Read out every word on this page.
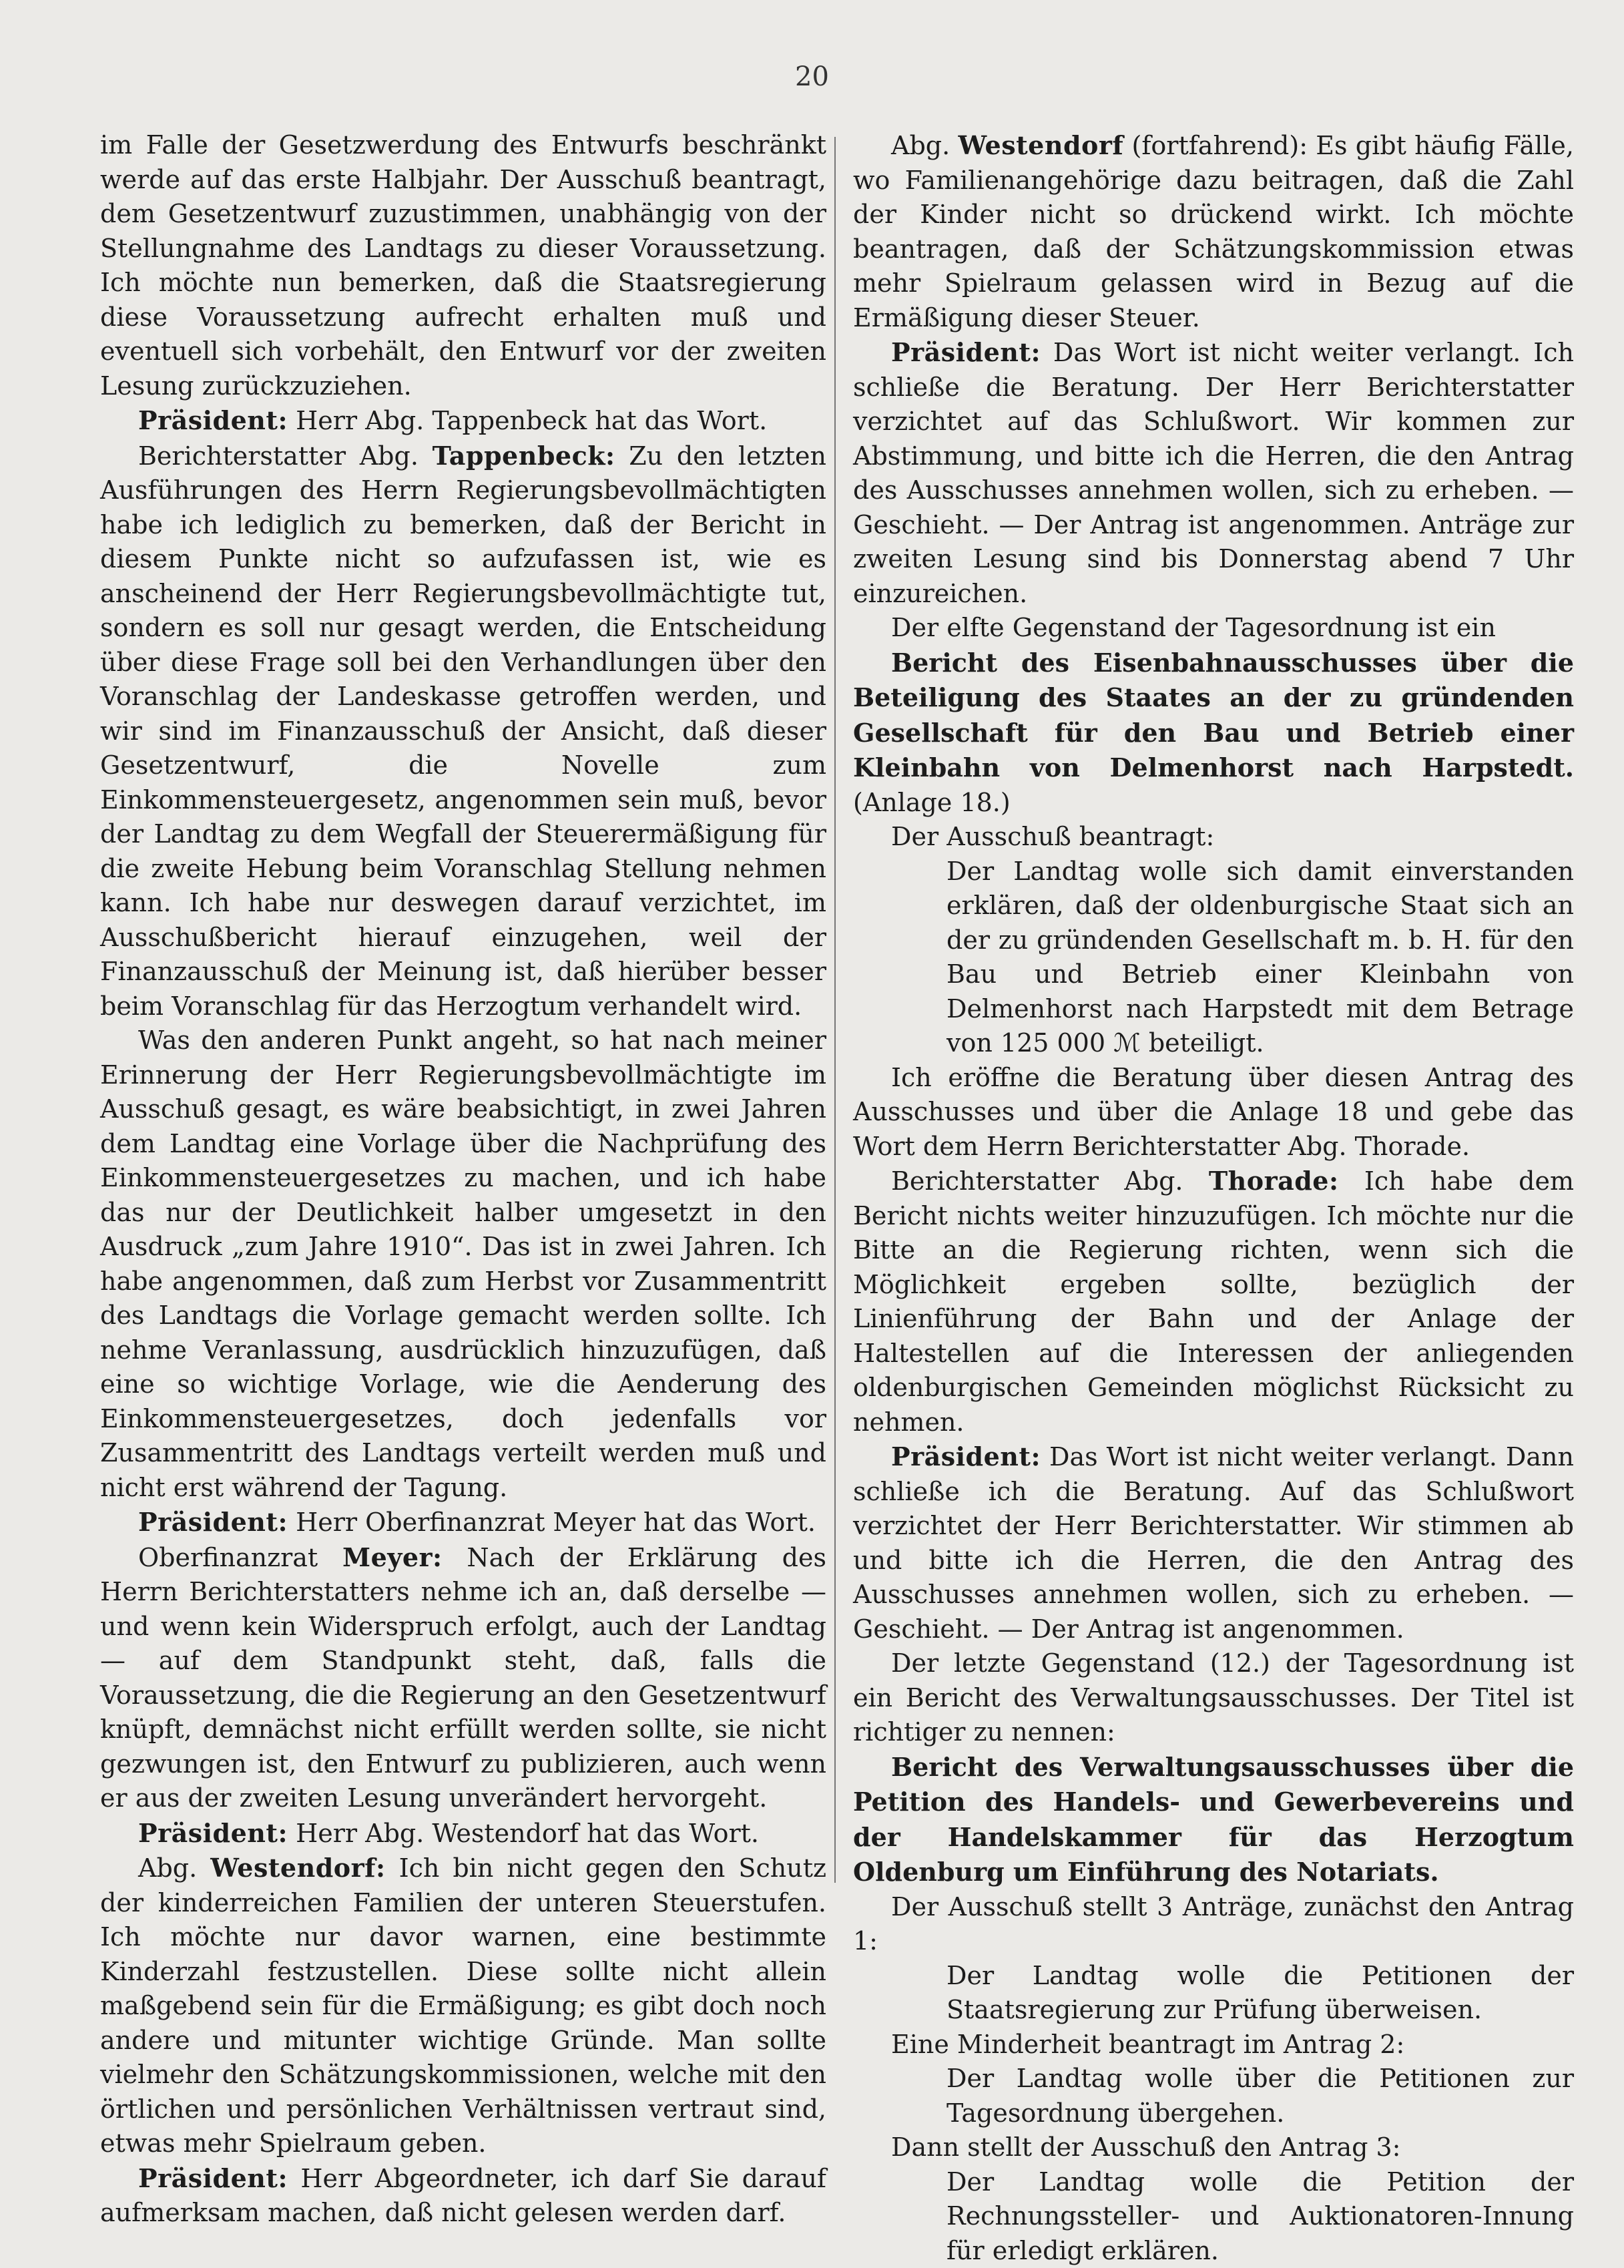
20

im Falle der Gesetzwerdung des Entwurfs beschränkt werde auf das erste Halbjahr. Der Ausschuß beantragt, dem Gesetzentwurf zuzustimmen, unabhängig von der Stellungnahme des Landtags zu dieser Voraussetzung. Ich möchte nun bemerken, daß die Staatsregierung diese Voraussetzung aufrecht erhalten muß und eventuell sich vorbehält, den Entwurf vor der zweiten Lesung zurückzuziehen.

Präsident: Herr Abg. Tappenbeck hat das Wort.

Berichterstatter Abg. Tappenbeck: Zu den letzten Ausführungen des Herrn Regierungsbevollmächtigten habe ich lediglich zu bemerken, daß der Bericht in diesem Punkte nicht so aufzufassen ist, wie es anscheinend der Herr Regierungsbevollmächtigte tut, sondern es soll nur gesagt werden, die Entscheidung über diese Frage soll bei den Verhandlungen über den Voranschlag der Landeskasse getroffen werden, und wir sind im Finanzausschuß der Ansicht, daß dieser Gesetzentwurf, die Novelle zum Einkommensteuergesetz, angenommen sein muß, bevor der Landtag zu dem Wegfall der Steuerermäßigung für die zweite Hebung beim Voranschlag Stellung nehmen kann. Ich habe nur deswegen darauf verzichtet, im Ausschußbericht hierauf einzugehen, weil der Finanzausschuß der Meinung ist, daß hierüber besser beim Voranschlag für das Herzogtum verhandelt wird.

Was den anderen Punkt angeht, so hat nach meiner Erinnerung der Herr Regierungsbevollmächtigte im Ausschuß gesagt, es wäre beabsichtigt, in zwei Jahren dem Landtag eine Vorlage über die Nachprüfung des Einkommensteuergesetzes zu machen, und ich habe das nur der Deutlichkeit halber umgesetzt in den Ausdruck „zum Jahre 1910“. Das ist in zwei Jahren. Ich habe angenommen, daß zum Herbst vor Zusammentritt des Landtags die Vorlage gemacht werden sollte. Ich nehme Veranlassung, ausdrücklich hinzuzufügen, daß eine so wichtige Vorlage, wie die Aenderung des Einkommensteuergesetzes, doch jedenfalls vor Zusammentritt des Landtags verteilt werden muß und nicht erst während der Tagung.

Präsident: Herr Oberfinanzrat Meyer hat das Wort.

Oberfinanzrat Meyer: Nach der Erklärung des Herrn Berichterstatters nehme ich an, daß derselbe — und wenn kein Widerspruch erfolgt, auch der Landtag — auf dem Standpunkt steht, daß, falls die Voraussetzung, die die Regierung an den Gesetzentwurf knüpft, demnächst nicht erfüllt werden sollte, sie nicht gezwungen ist, den Entwurf zu publizieren, auch wenn er aus der zweiten Lesung unverändert hervorgeht.

Präsident: Herr Abg. Westendorf hat das Wort.

Abg. Westendorf: Ich bin nicht gegen den Schutz der kinderreichen Familien der unteren Steuerstufen. Ich möchte nur davor warnen, eine bestimmte Kinderzahl festzustellen. Diese sollte nicht allein maßgebend sein für die Ermäßigung; es gibt doch noch andere und mitunter wichtige Gründe. Man sollte vielmehr den Schätzungskommissionen, welche mit den örtlichen und persönlichen Verhältnissen vertraut sind, etwas mehr Spielraum geben.

Präsident: Herr Abgeordneter, ich darf Sie darauf aufmerksam machen, daß nicht gelesen werden darf.

Abg. Westendorf (fortfahrend): Es gibt häufig Fälle, wo Familienangehörige dazu beitragen, daß die Zahl der Kinder nicht so drückend wirkt. Ich möchte beantragen, daß der Schätzungskommission etwas mehr Spielraum gelassen wird in Bezug auf die Ermäßigung dieser Steuer.

Präsident: Das Wort ist nicht weiter verlangt. Ich schließe die Beratung. Der Herr Berichterstatter verzichtet auf das Schlußwort. Wir kommen zur Abstimmung, und bitte ich die Herren, die den Antrag des Ausschusses annehmen wollen, sich zu erheben. — Geschieht. — Der Antrag ist angenommen. Anträge zur zweiten Lesung sind bis Donnerstag abend 7 Uhr einzureichen.

Der elfte Gegenstand der Tagesordnung ist ein

Bericht des Eisenbahnausschusses über die Beteiligung des Staates an der zu gründenden Gesellschaft für den Bau und Betrieb einer Kleinbahn von Delmenhorst nach Harpstedt. (Anlage 18.)

Der Ausschuß beantragt:

Der Landtag wolle sich damit einverstanden erklären, daß der oldenburgische Staat sich an der zu gründenden Gesellschaft m. b. H. für den Bau und Betrieb einer Kleinbahn von Delmenhorst nach Harpstedt mit dem Betrage von 125 000 ℳ beteiligt.

Ich eröffne die Beratung über diesen Antrag des Ausschusses und über die Anlage 18 und gebe das Wort dem Herrn Berichterstatter Abg. Thorade.

Berichterstatter Abg. Thorade: Ich habe dem Bericht nichts weiter hinzuzufügen. Ich möchte nur die Bitte an die Regierung richten, wenn sich die Möglichkeit ergeben sollte, bezüglich der Linienführung der Bahn und der Anlage der Haltestellen auf die Interessen der anliegenden oldenburgischen Gemeinden möglichst Rücksicht zu nehmen.

Präsident: Das Wort ist nicht weiter verlangt. Dann schließe ich die Beratung. Auf das Schlußwort verzichtet der Herr Berichterstatter. Wir stimmen ab und bitte ich die Herren, die den Antrag des Ausschusses annehmen wollen, sich zu erheben. — Geschieht. — Der Antrag ist angenommen.

Der letzte Gegenstand (12.) der Tagesordnung ist ein Bericht des Verwaltungsausschusses. Der Titel ist richtiger zu nennen:

Bericht des Verwaltungsausschusses über die Petition des Handels- und Gewerbevereins und der Handelskammer für das Herzogtum Oldenburg um Einführung des Notariats.

Der Ausschuß stellt 3 Anträge, zunächst den Antrag 1:

Der Landtag wolle die Petitionen der Staatsregierung zur Prüfung überweisen.

Eine Minderheit beantragt im Antrag 2:

Der Landtag wolle über die Petitionen zur Tagesordnung übergehen.

Dann stellt der Ausschuß den Antrag 3:

Der Landtag wolle die Petition der Rechnungssteller- und Auktionatoren-Innung für erledigt erklären.
